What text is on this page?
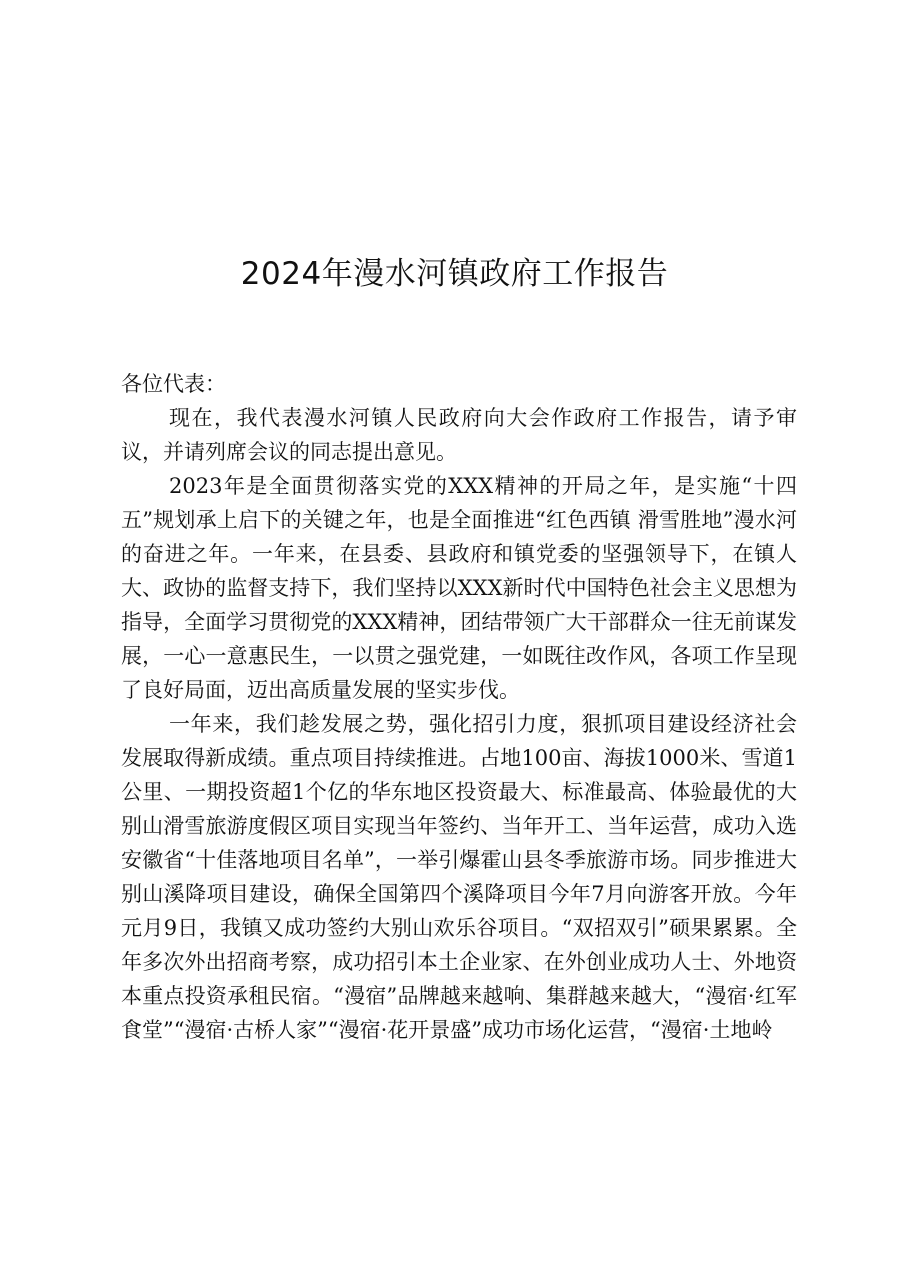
2024年漫水河镇政府工作报告

各位代表：

现在，我代表漫水河镇人民政府向大会作政府工作报告，请予审议，并请列席会议的同志提出意见。

2023年是全面贯彻落实党的XXX精神的开局之年，是实施“十四五”规划承上启下的关键之年，也是全面推进“红色西镇 滑雪胜地”漫水河的奋进之年。一年来，在县委、县政府和镇党委的坚强领导下，在镇人大、政协的监督支持下，我们坚持以XXX新时代中国特色社会主义思想为指导，全面学习贯彻党的XXX精神，团结带领广大干部群众一往无前谋发展，一心一意惠民生，一以贯之强党建，一如既往改作风，各项工作呈现了良好局面，迈出高质量发展的坚实步伐。

一年来，我们趁发展之势，强化招引力度，狠抓项目建设经济社会发展取得新成绩。重点项目持续推进。占地100亩、海拔1000米、雪道1公里、一期投资超1个亿的华东地区投资最大、标准最高、体验最优的大别山滑雪旅游度假区项目实现当年签约、当年开工、当年运营，成功入选安徽省“十佳落地项目名单”，一举引爆霍山县冬季旅游市场。同步推进大别山溪降项目建设，确保全国第四个溪降项目今年7月向游客开放。今年元月9日，我镇又成功签约大别山欢乐谷项目。“双招双引”硕果累累。全年多次外出招商考察，成功招引本土企业家、在外创业成功人士、外地资本重点投资承租民宿。“漫宿”品牌越来越响、集群越来越大，“漫宿·红军食堂”“漫宿·古桥人家”“漫宿·花开景盛”成功市场化运营，“漫宿·土地岭
